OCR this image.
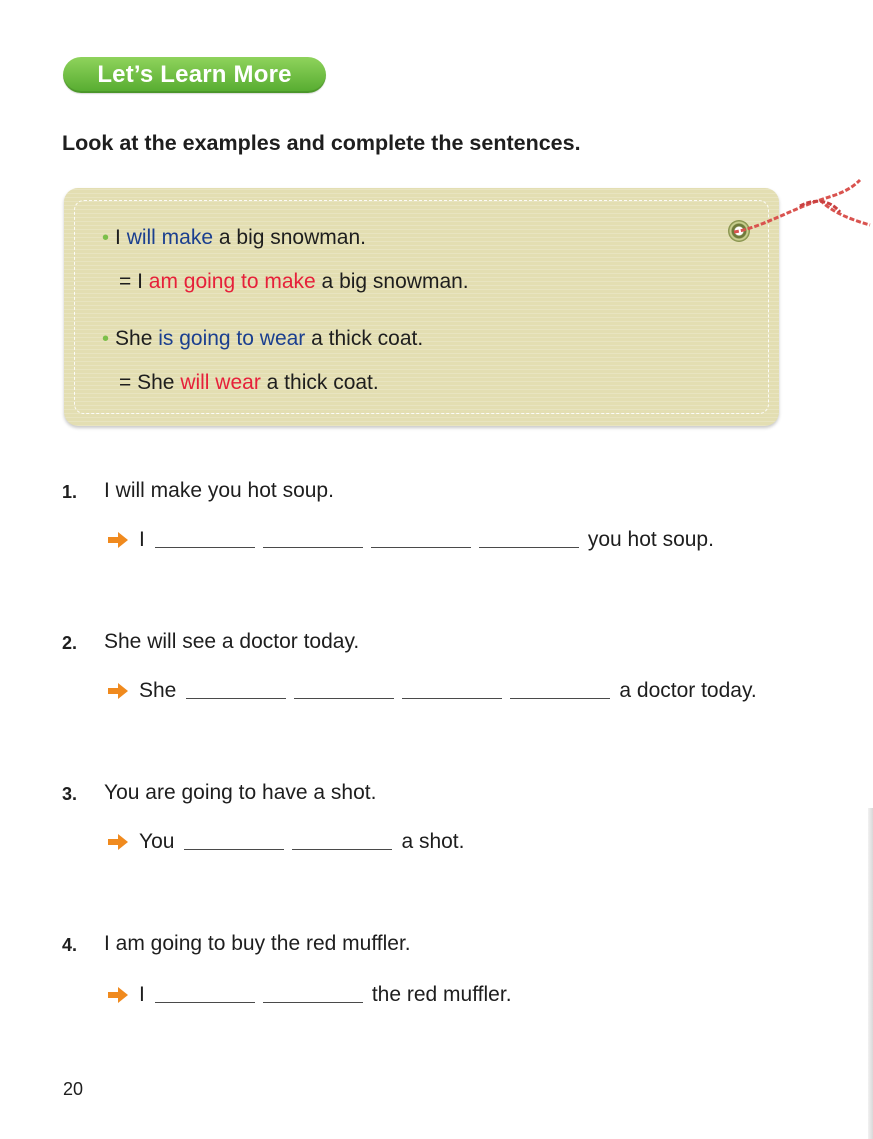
Let’s Learn More
Look at the examples and complete the sentences.
• I will make a big snowman.
= I am going to make a big snowman.
• She is going to wear a thick coat.
= She will wear a thick coat.
1. I will make you hot soup.
I	you hot soup.
2. She will see a doctor today.
She	a doctor today.
3. You are going to have a shot.
You	a shot.
4. I am going to buy the red muffler.
I	the red muffler.
20
